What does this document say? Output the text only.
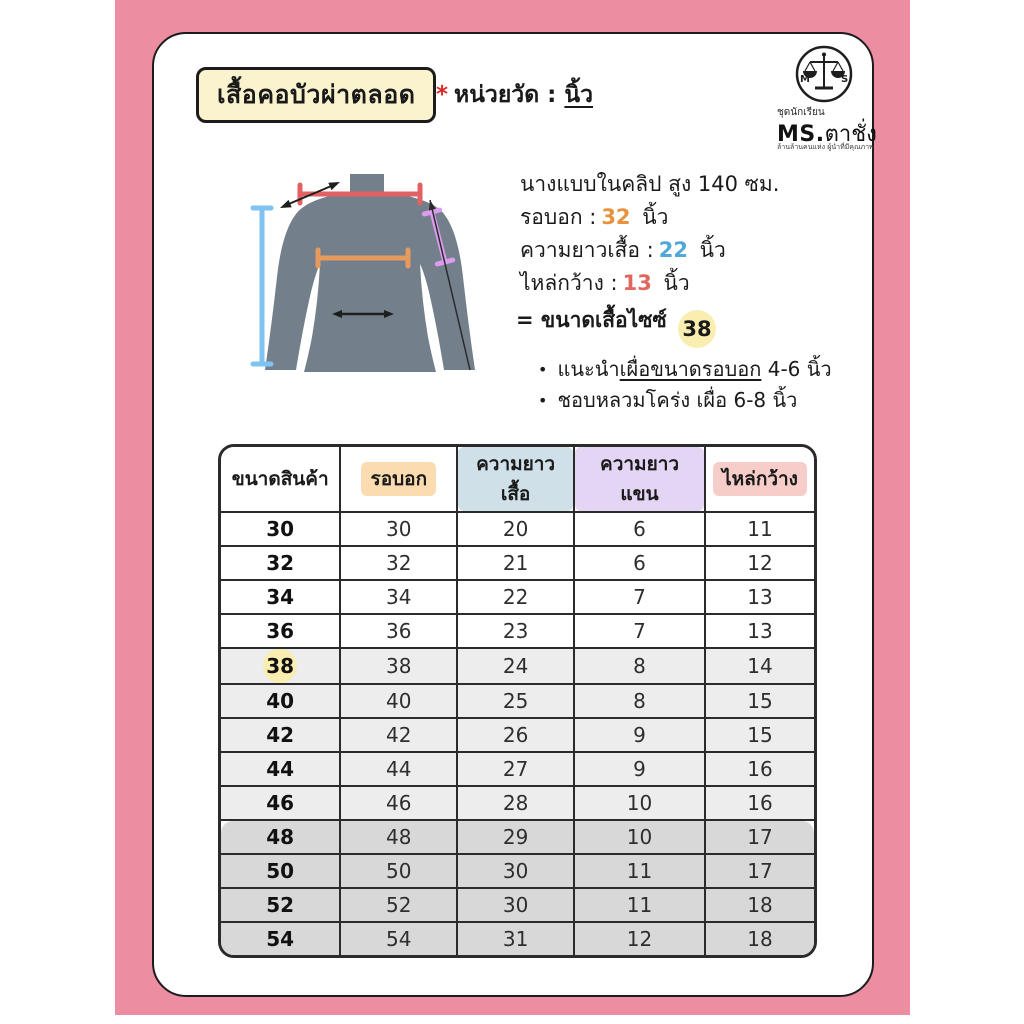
เสื้อคอบัวผ่าตลอด * หน่วยวัด : นิ้ว
M	S
ชุดนักเรียน
MS.ตาชั่ง
ล้านล้านคนแห่ง ผู้นำที่มีคุณภาพ
นางแบบในคลิป สูง 140 ซม.
รอบอก : 32 นิ้ว
ความยาวเสื้อ : 22 นิ้ว
ไหล่กว้าง : 13 นิ้ว
= ขนาดเสื้อไซซ์ 38
• แนะนำเผื่อขนาดรอบอก 4-6 นิ้ว
• ชอบหลวมโคร่ง เผื่อ 6-8 นิ้ว
ขนาดสินค้า	รอบอก	ความยาวเสื้อ	ความยาวแขน	ไหล่กว้าง
30	30	20	6	11
32	32	21	6	12
34	34	22	7	13
36	36	23	7	13
38	38	24	8	14
40	40	25	8	15
42	42	26	9	15
44	44	27	9	16
46	46	28	10	16
48	48	29	10	17
50	50	30	11	17
52	52	30	11	18
54	54	31	12	18
